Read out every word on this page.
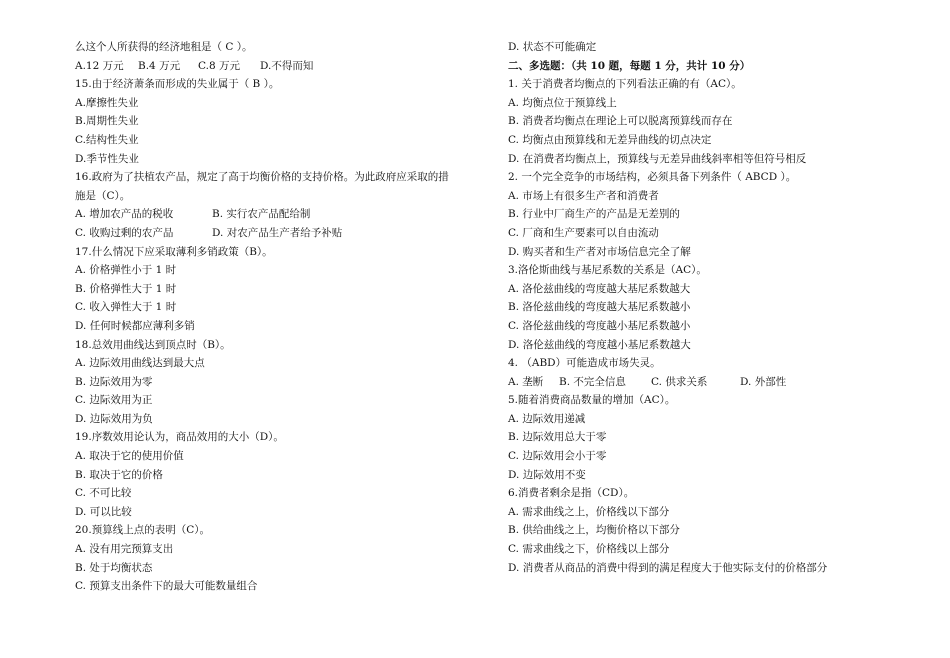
么这个人所获得的经济地租是（ C ）。
A.12 万元	B.4 万元	C.8 万元	D.不得而知
15.由于经济萧条而形成的失业属于（ B ）。
A.摩擦性失业
B.周期性失业
C.结构性失业
D.季节性失业
16.政府为了扶植农产品，规定了高于均衡价格的支持价格。为此政府应采取的措
施是（C）。
A. 增加农产品的税收	B. 实行农产品配给制
C. 收购过剩的农产品	D. 对农产品生产者给予补贴
17.什么情况下应采取薄利多销政策（B）。
A. 价格弹性小于 1 时
B. 价格弹性大于 1 时
C. 收入弹性大于 1 时
D. 任何时候都应薄利多销
18.总效用曲线达到顶点时（B）。
A. 边际效用曲线达到最大点
B. 边际效用为零
C. 边际效用为正
D. 边际效用为负
19.序数效用论认为，商品效用的大小（D）。
A. 取决于它的使用价值
B. 取决于它的价格
C. 不可比较
D. 可以比较
20.预算线上点的表明（C）。
A. 没有用完预算支出
B. 处于均衡状态
C. 预算支出条件下的最大可能数量组合
D. 状态不可能确定
二、多选题：（共 10 题，每题 1 分，共计 10 分）
1. 关于消费者均衡点的下列看法正确的有（AC）。
A. 均衡点位于预算线上
B. 消费者均衡点在理论上可以脱离预算线而存在
C. 均衡点由预算线和无差异曲线的切点决定
D. 在消费者均衡点上，预算线与无差异曲线斜率相等但符号相反
2. 一个完全竞争的市场结构，必须具备下列条件（ ABCD ）。
A. 市场上有很多生产者和消费者
B. 行业中厂商生产的产品是无差别的
C. 厂商和生产要素可以自由流动
D. 购买者和生产者对市场信息完全了解
3.洛伦斯曲线与基尼系数的关系是（AC）。
A. 洛伦兹曲线的弯度越大基尼系数越大
B. 洛伦兹曲线的弯度越大基尼系数越小
C. 洛伦兹曲线的弯度越小基尼系数越小
D. 洛伦兹曲线的弯度越小基尼系数越大
4. （ABD）可能造成市场失灵。
A. 垄断	B. 不完全信息	C. 供求关系	D. 外部性
5.随着消费商品数量的增加（AC）。
A. 边际效用递减
B. 边际效用总大于零
C. 边际效用会小于零
D. 边际效用不变
6.消费者剩余是指（CD）。
A. 需求曲线之上，价格线以下部分
B. 供给曲线之上，均衡价格以下部分
C. 需求曲线之下，价格线以上部分
D. 消费者从商品的消费中得到的满足程度大于他实际支付的价格部分
